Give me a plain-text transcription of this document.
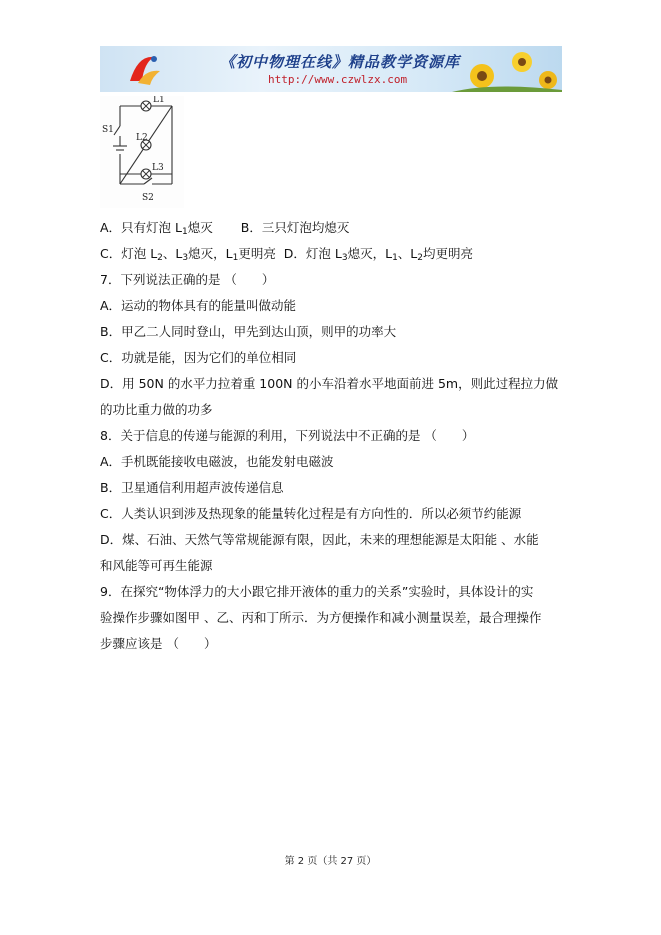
《初中物理在线》精品教学资源库
http://www.czwlzx.com
L1
L2
L3
S1
S2
A．只有灯泡 $L_1$熄灭 B．三只灯泡均熄灭
C．灯泡 $L_2$、$L_3$熄灭，$L_1$更明亮 D．灯泡 $L_3$熄灭，$L_1$、$L_2$均更明亮
7．下列说法正确的是 （　　）
A．运动的物体具有的能量叫做动能
B．甲乙二人同时登山，甲先到达山顶，则甲的功率大
C．功就是能，因为它们的单位相同
D．用 50N 的水平力拉着重 100N 的小车沿着水平地面前进 5m，则此过程拉力做
的功比重力做的功多
8．关于信息的传递与能源的利用，下列说法中不正确的是 （　　）
A．手机既能接收电磁波，也能发射电磁波
B．卫星通信利用超声波传递信息
C．人类认识到涉及热现象的能量转化过程是有方向性的．所以必须节约能源
D．煤、石油、天然气等常规能源有限，因此，未来的理想能源是太阳能 、水能
和风能等可再生能源
9．在探究“物体浮力的大小跟它排开液体的重力的关系”实验时，具体设计的实
验操作步骤如图甲 、乙、丙和丁所示．为方便操作和减小测量误差，最合理操作
步骤应该是 （　　）
第 2 页（共 27 页）
